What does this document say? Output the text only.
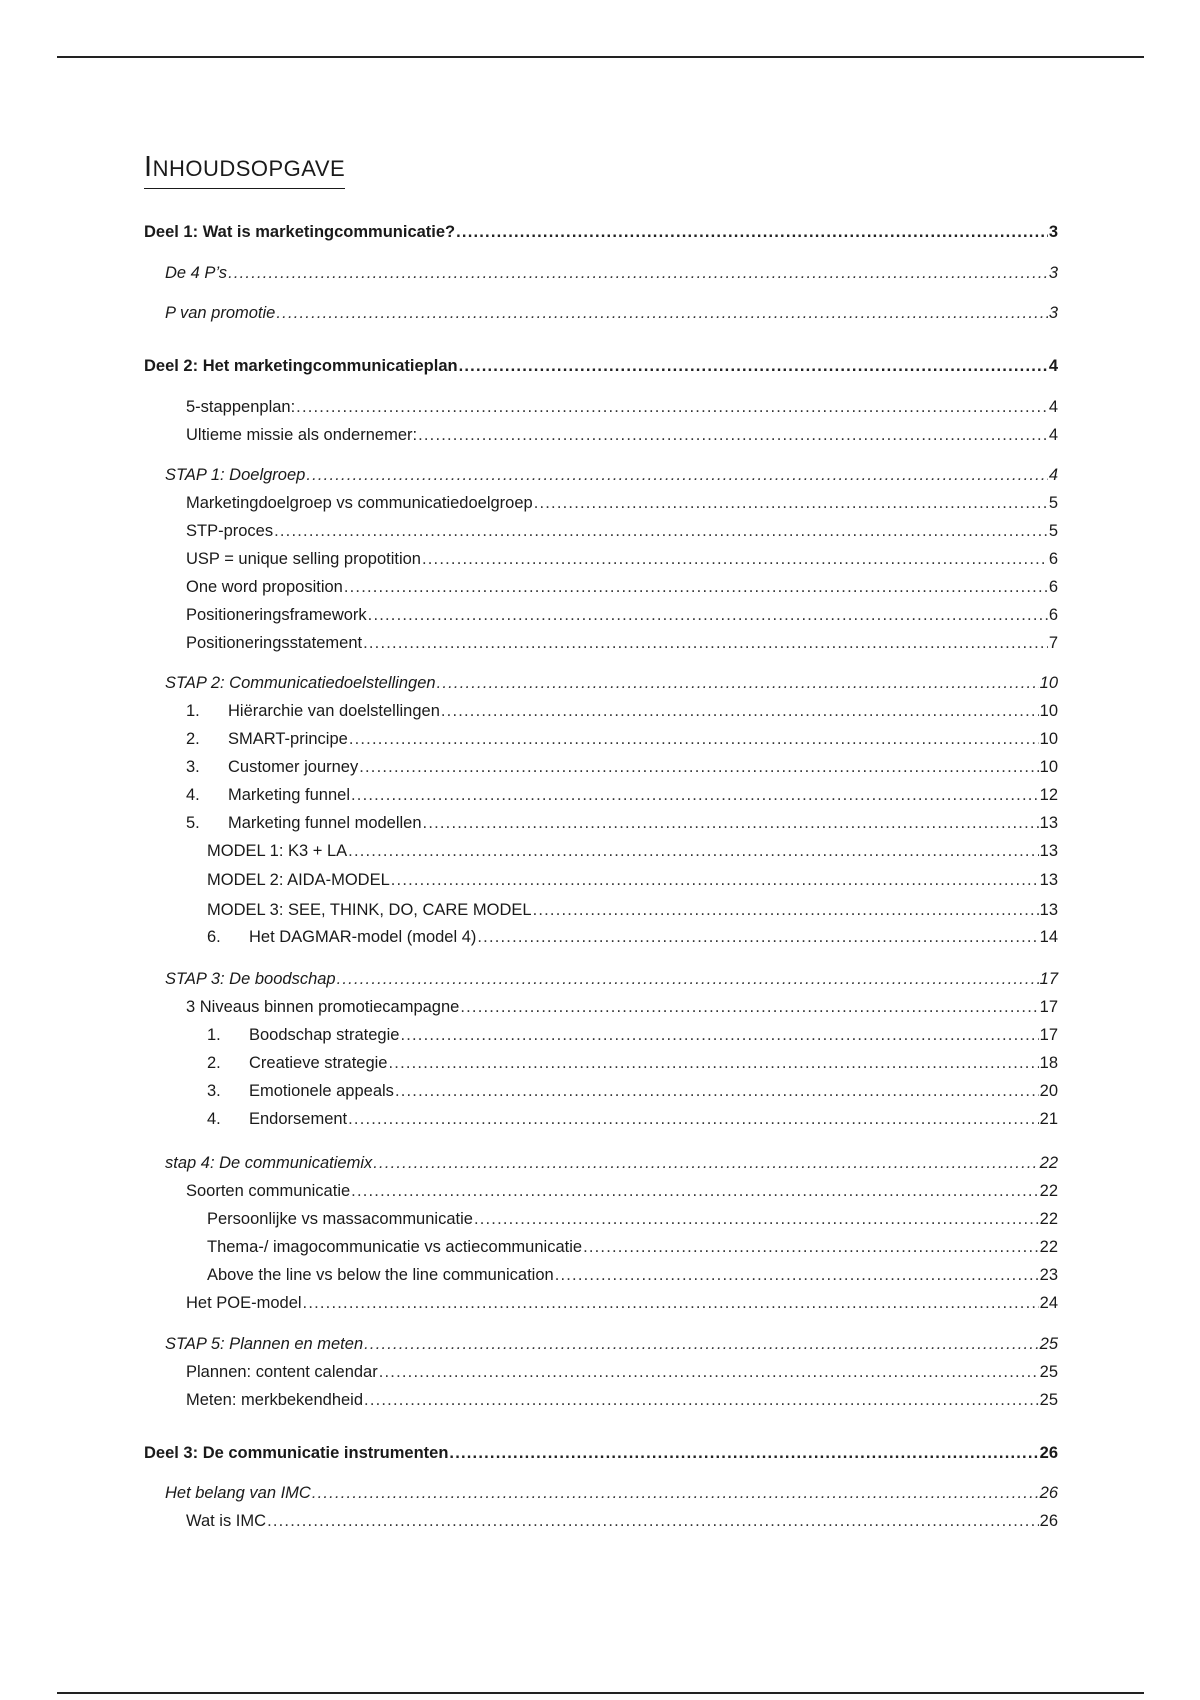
INHOUDSOPGAVE
Deel 1: Wat is marketingcommunicatie? .....	3
De 4 P’s .....	3
P van promotie .....	3
Deel 2: Het marketingcommunicatieplan .....	4
5-stappenplan: .....	4
Ultieme missie als ondernemer: .....	4
STAP 1: Doelgroep .....	4
Marketingdoelgroep vs communicatiedoelgroep .....	5
STP-proces .....	5
USP = unique selling propotition .....	6
One word proposition .....	6
Positioneringsframework .....	6
Positioneringsstatement .....	7
STAP 2: Communicatiedoelstellingen .....	10
1.	Hiërarchie van doelstellingen .....	10
2.	SMART-principe .....	10
3.	Customer journey .....	10
4.	Marketing funnel .....	12
5.	Marketing funnel modellen .....	13
MODEL 1: K3 + LA .....	13
MODEL 2: AIDA-MODEL .....	13
MODEL 3: SEE, THINK, DO, CARE MODEL .....	13
6.	Het DAGMAR-model (model 4) .....	14
STAP 3: De boodschap .....	17
3 Niveaus binnen promotiecampagne .....	17
1.	Boodschap strategie .....	17
2.	Creatieve strategie .....	18
3.	Emotionele appeals .....	20
4.	Endorsement .....	21
stap 4: De communicatiemix .....	22
Soorten communicatie .....	22
Persoonlijke vs massacommunicatie .....	22
Thema-/ imagocommunicatie vs actiecommunicatie .....	22
Above the line vs below the line communication .....	23
Het POE-model .....	24
STAP 5: Plannen en meten .....	25
Plannen: content calendar .....	25
Meten: merkbekendheid .....	25
Deel 3: De communicatie instrumenten .....	26
Het belang van IMC .....	26
Wat is IMC .....	26
